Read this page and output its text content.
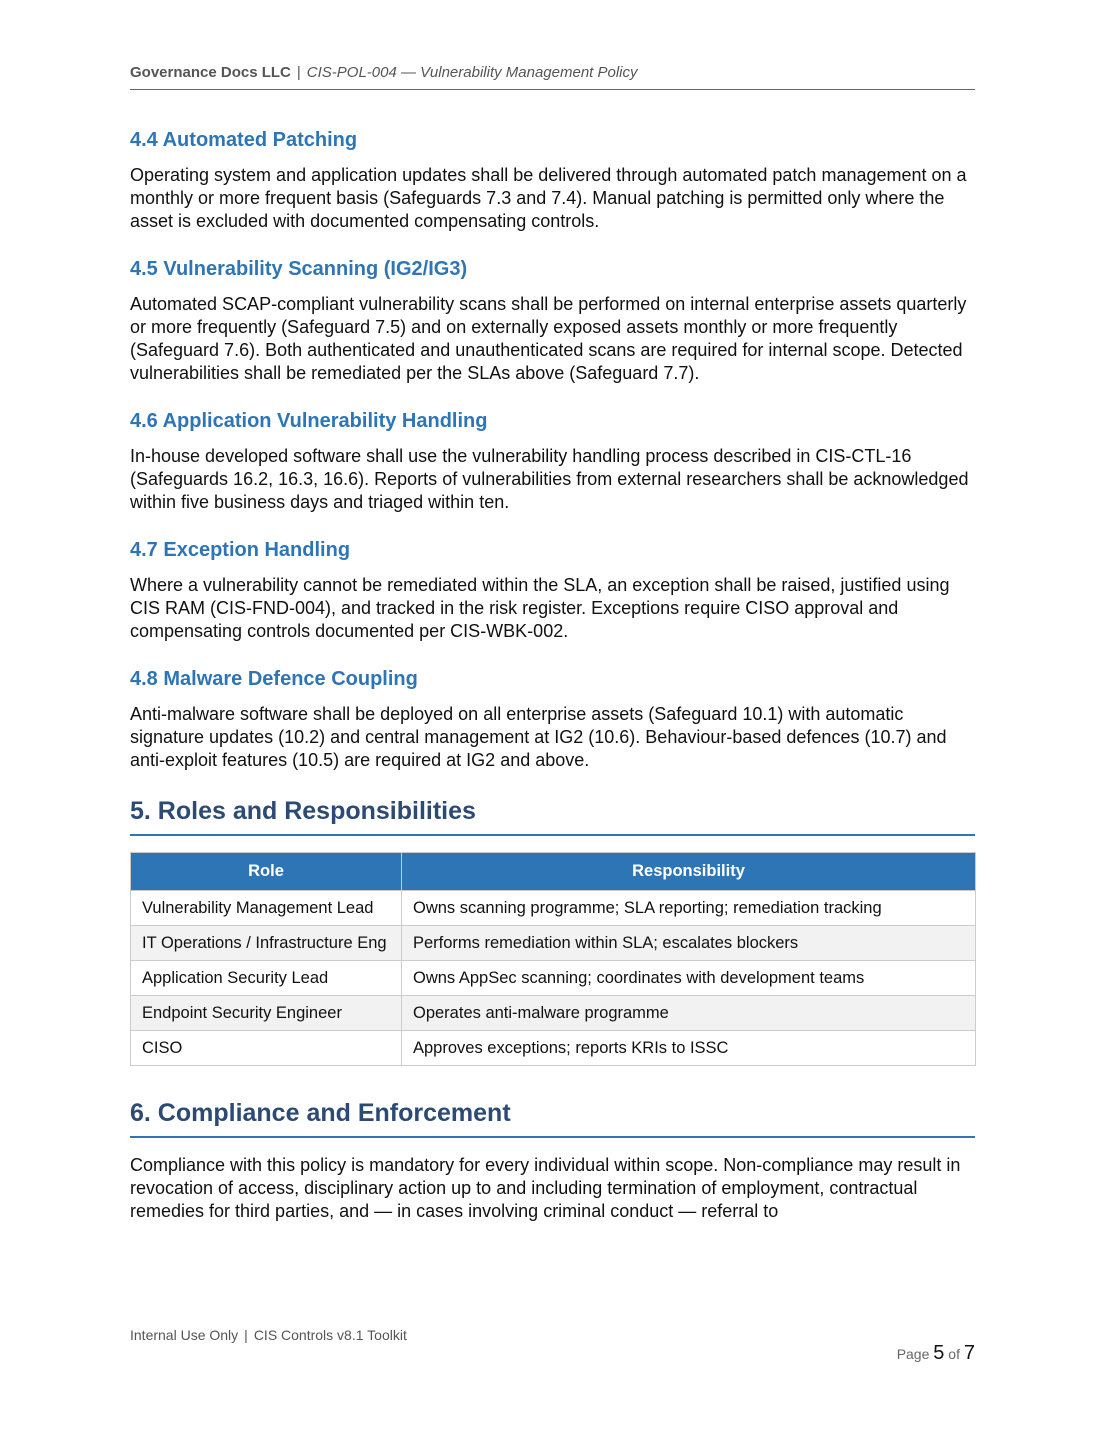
Governance Docs LLC | CIS-POL-004 — Vulnerability Management Policy
4.4 Automated Patching

Operating system and application updates shall be delivered through automated patch management on a monthly or more frequent basis (Safeguards 7.3 and 7.4). Manual patching is permitted only where the asset is excluded with documented compensating controls.

4.5 Vulnerability Scanning (IG2/IG3)

Automated SCAP-compliant vulnerability scans shall be performed on internal enterprise assets quarterly or more frequently (Safeguard 7.5) and on externally exposed assets monthly or more frequently (Safeguard 7.6). Both authenticated and unauthenticated scans are required for internal scope. Detected vulnerabilities shall be remediated per the SLAs above (Safeguard 7.7).

4.6 Application Vulnerability Handling

In-house developed software shall use the vulnerability handling process described in CIS-CTL-16 (Safeguards 16.2, 16.3, 16.6). Reports of vulnerabilities from external researchers shall be acknowledged within five business days and triaged within ten.

4.7 Exception Handling

Where a vulnerability cannot be remediated within the SLA, an exception shall be raised, justified using CIS RAM (CIS-FND-004), and tracked in the risk register. Exceptions require CISO approval and compensating controls documented per CIS-WBK-002.

4.8 Malware Defence Coupling

Anti-malware software shall be deployed on all enterprise assets (Safeguard 10.1) with automatic signature updates (10.2) and central management at IG2 (10.6). Behaviour-based defences (10.7) and anti-exploit features (10.5) are required at IG2 and above.

5. Roles and Responsibilities
Role	Responsibility
Vulnerability Management Lead	Owns scanning programme; SLA reporting; remediation tracking
IT Operations / Infrastructure Eng	Performs remediation within SLA; escalates blockers
Application Security Lead	Owns AppSec scanning; coordinates with development teams
Endpoint Security Engineer	Operates anti-malware programme
CISO	Approves exceptions; reports KRIs to ISSC
6. Compliance and Enforcement

Compliance with this policy is mandatory for every individual within scope. Non-compliance may result in revocation of access, disciplinary action up to and including termination of employment, contractual remedies for third parties, and — in cases involving criminal conduct — referral to

Internal Use Only | CIS Controls v8.1 Toolkit
Page 5 of 7
